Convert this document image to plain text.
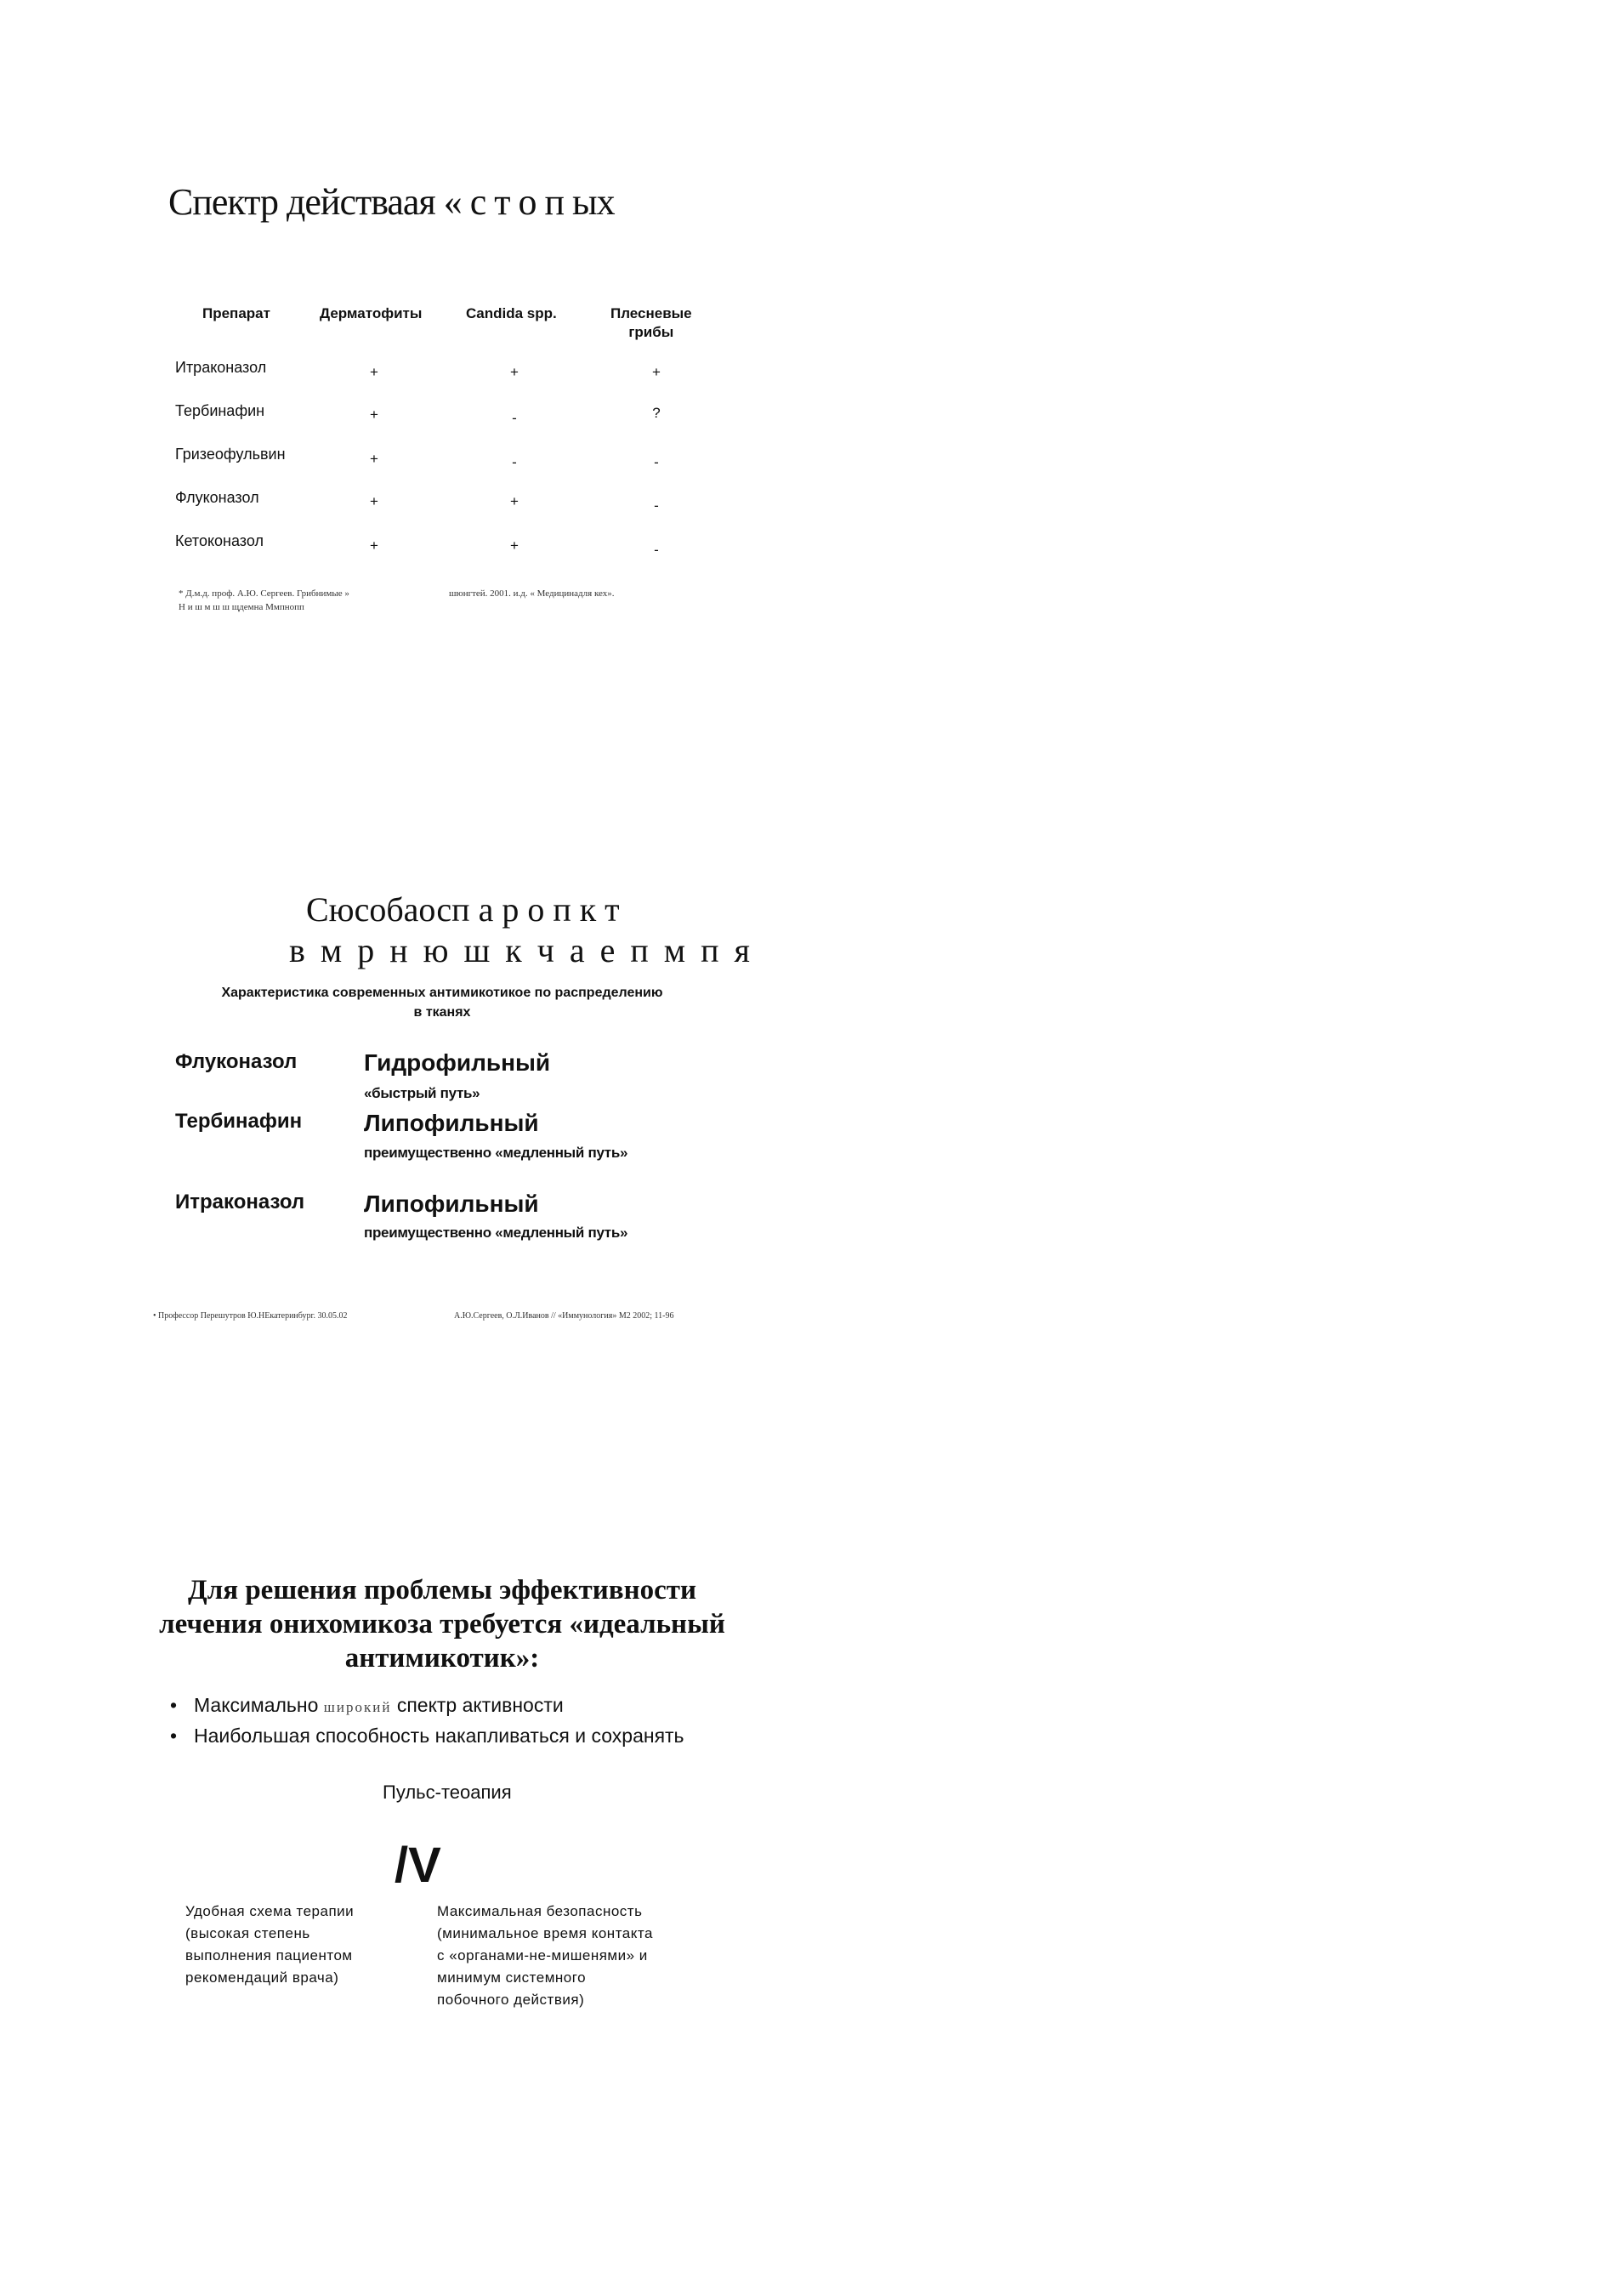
Спектр действаая « с т о п ых
Препарат	Дерматофиты	Candida spp.	Плесневые
грибы
Итраконазол	+	+	+
Тербинафин	+	-	?
Гризеофульвин	+	-	-
Флуконазол	+	+	-
Кетоконазол	+	+	-
* Д.м.д. проф. А.Ю. Сергеев. Грибнимые »
Н и ш м ш ш щдемна Ммпнопп
шюнгтей. 2001. и.д. « Медицинадля кех».
Сюсобаосп а р о п к т
в м р н ю ш к ч а е п м п я
Характеристика современных антимикотикое по распределению в тканях
Флуконазол	Гидрофильный
«быстрый путь»
Тербинафин	Липофильный
преимущественно «медленный путь»
Итраконазол Липофильный
преимущественно «медленный путь»
• Профессор Перешутров Ю.НЕкатеринбург. 30.05.02	А.Ю.Сергеев, О.Л.Иванов // «Иммунология» М2 2002; 11-96
Для решения проблемы эффективности лечения онихомикоза требуется «идеальный антимикотик»:
• Максимально широкий спектр активности
• Наибольшая способность накапливаться и сохранять
Пульс-теоапия
/V
Удобная схема терапии
(высокая степень
выполнения пациентом
рекомендаций врача)
Максимальная безопасность
(минимальное время контакта
с «органами-не-мишенями» и
минимум системного
побочного действия)
